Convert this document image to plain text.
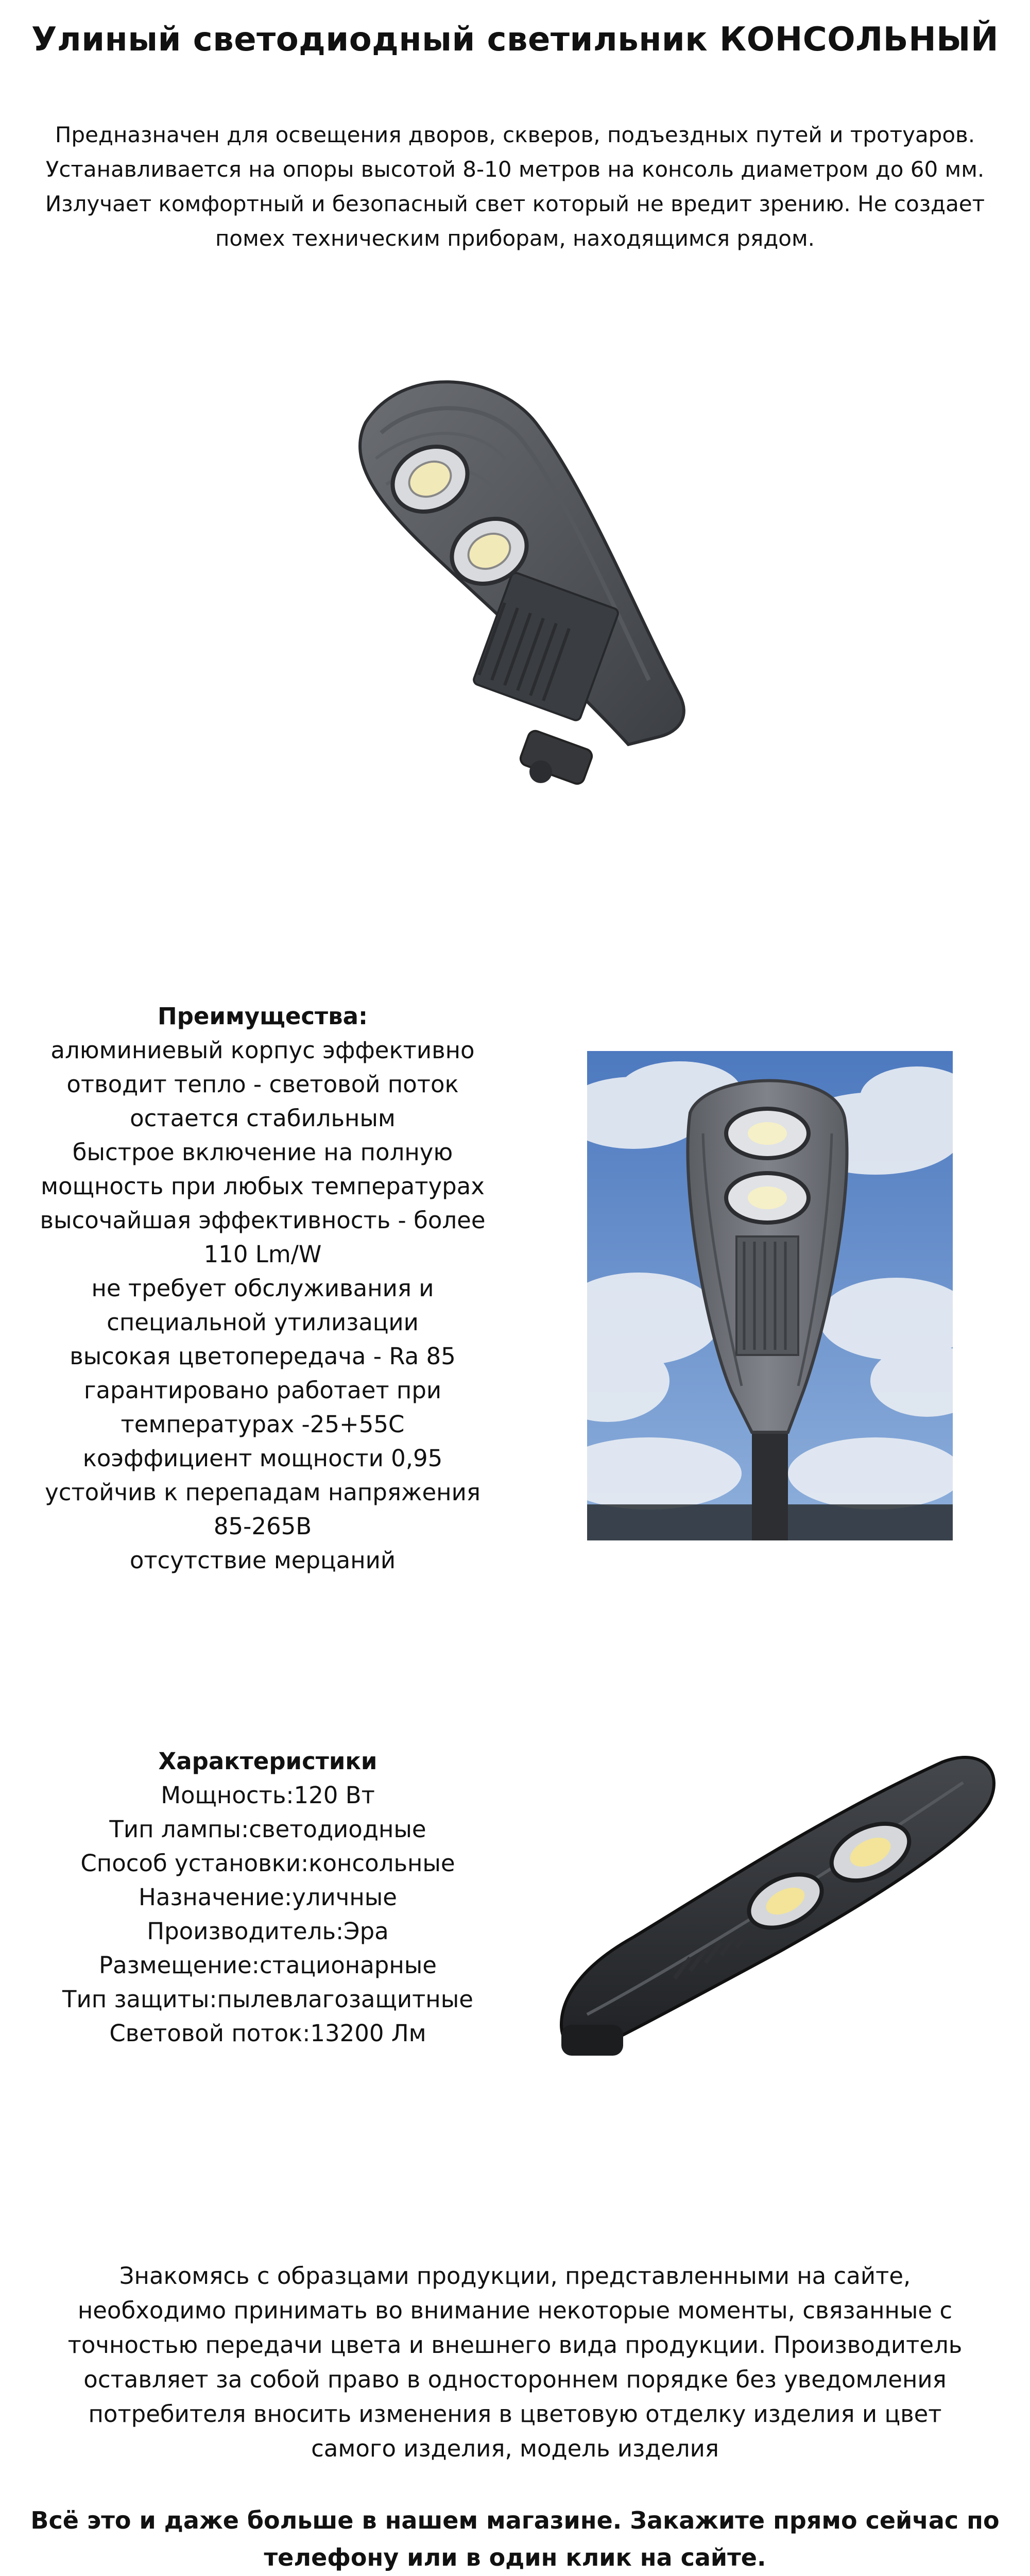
Улиный светодиодный светильник КОНСОЛЬНЫЙ
Предназначен для освещения дворов, скверов, подъездных путей и тротуаров.
Устанавливается на опоры высотой 8-10 метров на консоль диаметром до 60 мм.
Излучает комфортный и безопасный свет который не вредит зрению. Не создает
помех техническим приборам, находящимся рядом.
Преимущества:
алюминиевый корпус эффективно
отводит тепло - световой поток
остается стабильным
быстрое включение на полную
мощность при любых температурах
высочайшая эффективность - более
110 Lm/W
не требует обслуживания и
специальной утилизации
высокая цветопередача - Ra 85
гарантировано работает при
температурах -25+55С
коэффициент мощности 0,95
устойчив к перепадам напряжения
85-265В
отсутствие мерцаний
Характеристики
Мощность:120 Вт
Тип лампы:светодиодные
Способ установки:консольные
Назначение:уличные
Производитель:Эра
Размещение:стационарные
Тип защиты:пылевлагозащитные
Световой поток:13200 Лм
Знакомясь с образцами продукции, представленными на сайте,
необходимо принимать во внимание некоторые моменты, связанные с
точностью передачи цвета и внешнего вида продукции. Производитель
оставляет за собой право в одностороннем порядке без уведомления
потребителя вносить изменения в цветовую отделку изделия и цвет
самого изделия, модель изделия
Всё это и даже больше в нашем магазине. Закажите прямо сейчас по
телефону или в один клик на сайте.
